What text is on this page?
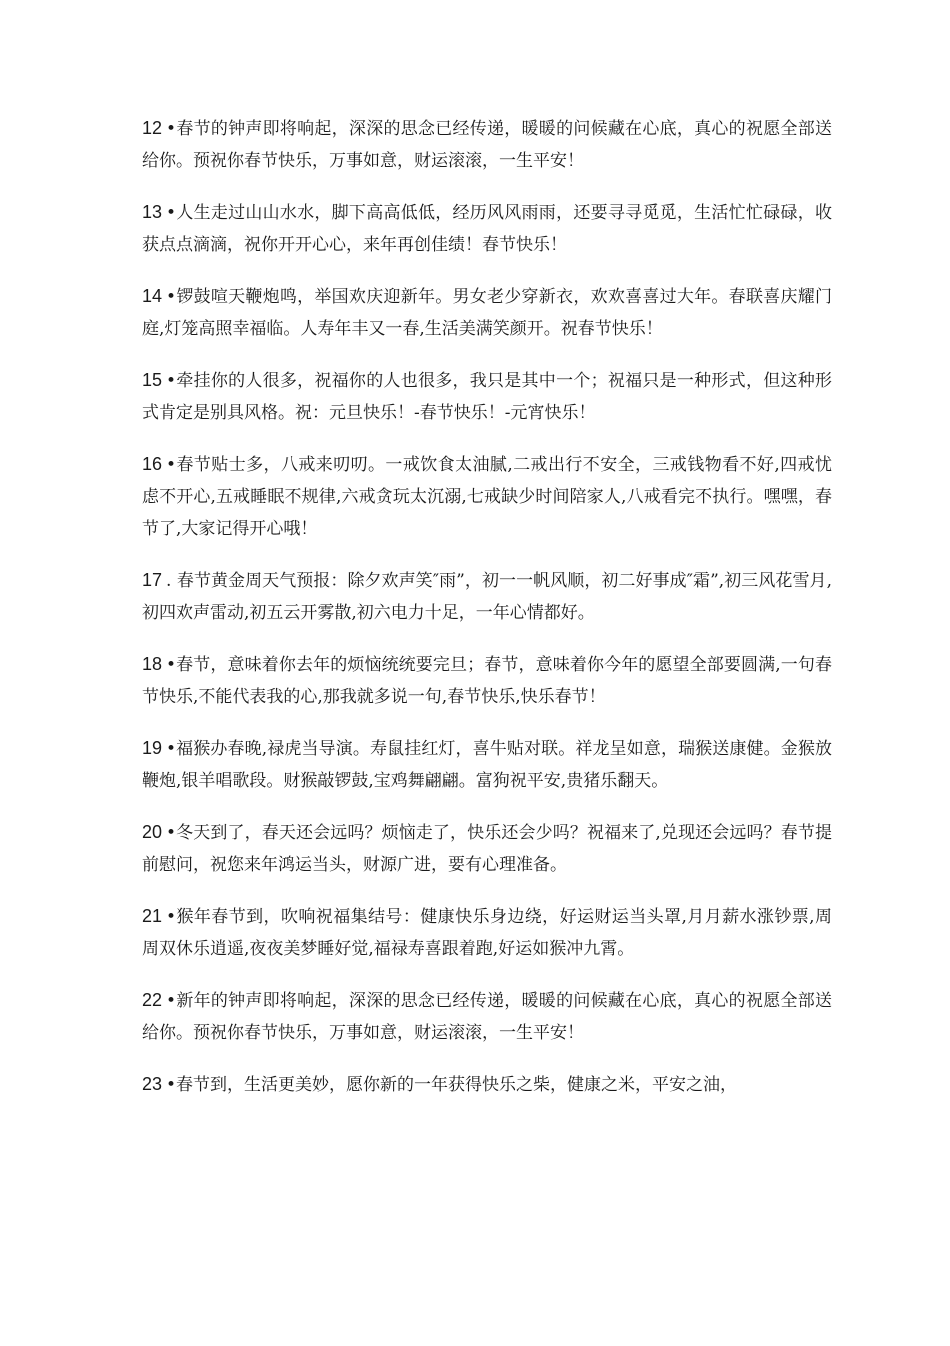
12 •春节的钟声即将响起，深深的思念已经传递，暖暖的问候藏在心底，真心的祝愿全部送给你。预祝你春节快乐，万事如意，财运滚滚，一生平安！

13 •人生走过山山水水，脚下高高低低，经历风风雨雨，还要寻寻觅觅，生活忙忙碌碌，收获点点滴滴，祝你开开心心，来年再创佳绩！春节快乐！

14 •锣鼓喧天鞭炮鸣，举国欢庆迎新年。男女老少穿新衣，欢欢喜喜过大年。春联喜庆耀门庭,灯笼高照幸福临。人寿年丰又一春,生活美满笑颜开。祝春节快乐！

15 •牵挂你的人很多，祝福你的人也很多，我只是其中一个；祝福只是一种形式，但这种形式肯定是别具风格。祝：元旦快乐！-春节快乐！-元宵快乐！

16 •春节贴士多，八戒来叨叨。一戒饮食太油腻,二戒出行不安全，三戒钱物看不好,四戒忧虑不开心,五戒睡眠不规律,六戒贪玩太沉溺,七戒缺少时间陪家人,八戒看完不执行。嘿嘿，春节了,大家记得开心哦！

17 . 春节黄金周天气预报：除夕欢声笑″雨”，初一一帆风顺，初二好事成″霜”,初三风花雪月,初四欢声雷动,初五云开雾散,初六电力十足，一年心情都好。

18 •春节，意味着你去年的烦恼统统要完旦；春节，意味着你今年的愿望全部要圆满,一句春节快乐,不能代表我的心,那我就多说一句,春节快乐,快乐春节！

19 •福猴办春晚,禄虎当导演。寿鼠挂红灯，喜牛贴对联。祥龙呈如意，瑞猴送康健。金猴放鞭炮,银羊唱歌段。财猴敲锣鼓,宝鸡舞翩翩。富狗祝平安,贵猪乐翻天。

20 •冬天到了，春天还会远吗？烦恼走了，快乐还会少吗？祝福来了,兑现还会远吗？春节提前慰问，祝您来年鸿运当头，财源广进，要有心理准备。

21 •猴年春节到，吹响祝福集结号：健康快乐身边绕，好运财运当头罩,月月薪水涨钞票,周周双休乐逍遥,夜夜美梦睡好觉,福禄寿喜跟着跑,好运如猴冲九霄。

22 •新年的钟声即将响起，深深的思念已经传递，暖暖的问候藏在心底，真心的祝愿全部送给你。预祝你春节快乐，万事如意，财运滚滚，一生平安！

23 •春节到，生活更美妙，愿你新的一年获得快乐之柴，健康之米，平安之油，
